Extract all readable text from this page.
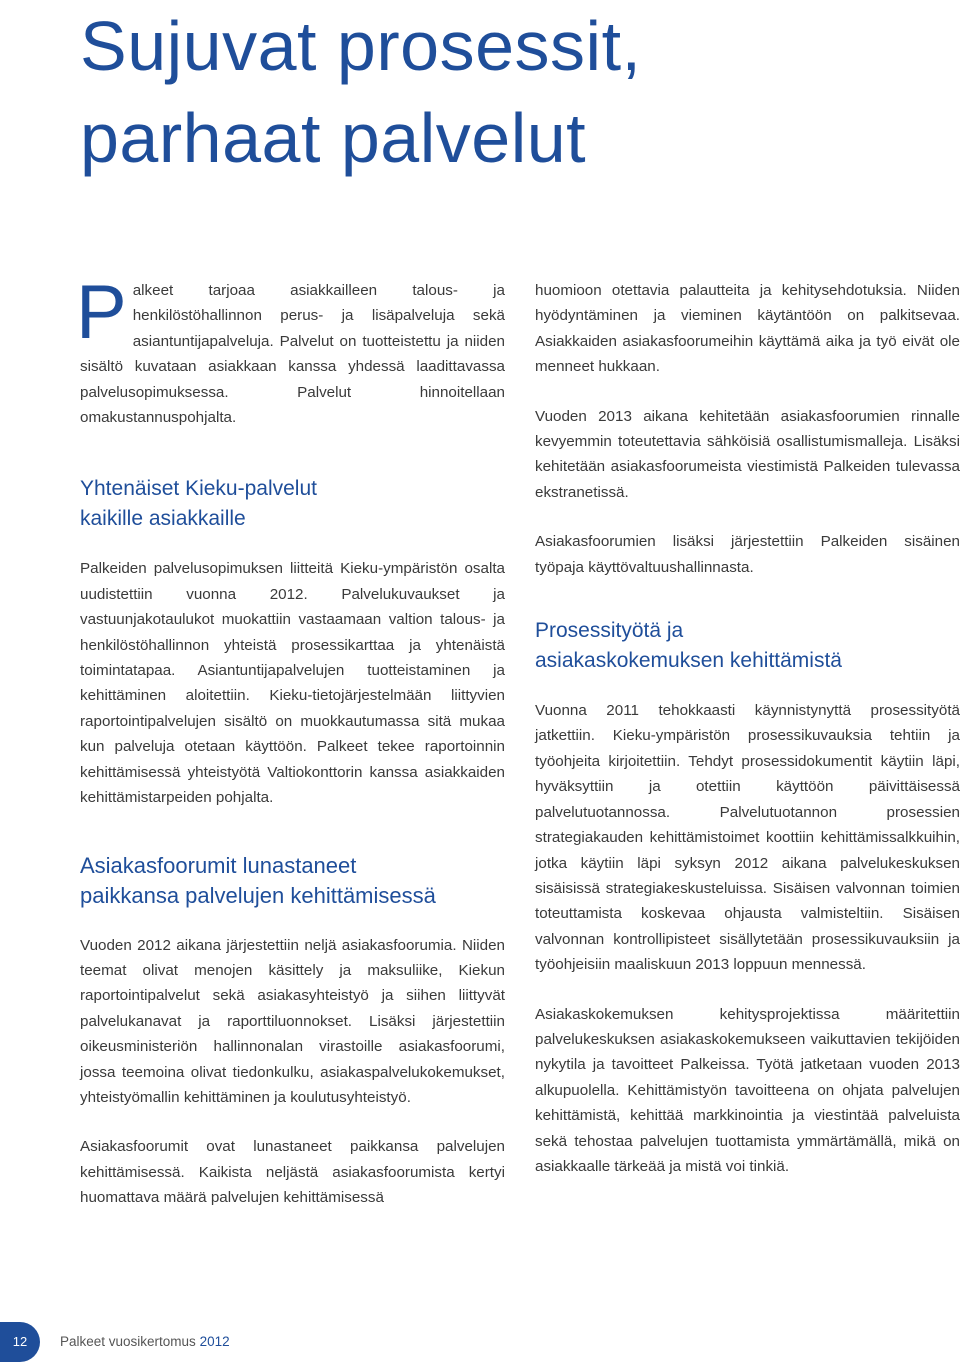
Sujuvat prosessit,
parhaat palvelut

Palkeet tarjoaa asiakkailleen talous- ja henkilöstöhallinnon perus- ja lisäpalveluja sekä asiantuntijapalveluja. Palvelut on tuotteistettu ja niiden sisältö kuvataan asiakkaan kanssa yhdessä laadittavassa palvelusopimuksessa. Palvelut hinnoitellaan omakustannuspohjalta.

Yhtenäiset Kieku-palvelut
kaikille asiakkaille

Palkeiden palvelusopimuksen liitteitä Kieku-ympäristön osalta uudistettiin vuonna 2012. Palvelukuvaukset ja vastuunjakotaulukot muokattiin vastaamaan valtion talous- ja henkilöstöhallinnon yhteistä prosessikarttaa ja yhtenäistä toimintatapaa. Asiantuntijapalvelujen tuotteistaminen ja kehittäminen aloitettiin. Kieku-tietojärjestelmään liittyvien raportointipalvelujen sisältö on muokkautumassa sitä mukaa kun palveluja otetaan käyttöön. Palkeet tekee raportoinnin kehittämisessä yhteistyötä Valtiokonttorin kanssa asiakkaiden kehittämistarpeiden pohjalta.

Asiakasfoorumit lunastaneet
paikkansa palvelujen kehittämisessä

Vuoden 2012 aikana järjestettiin neljä asiakasfoorumia. Niiden teemat olivat menojen käsittely ja maksuliike, Kiekun raportointipalvelut sekä asiakasyhteistyö ja siihen liittyvät palvelukanavat ja raporttiluonnokset. Lisäksi järjestettiin oikeusministeriön hallinnonalan virastoille asiakasfoorumi, jossa teemoina olivat tiedonkulku, asiakaspalvelukokemukset, yhteistyömallin kehittäminen ja koulutusyhteistyö.

Asiakasfoorumit ovat lunastaneet paikkansa palvelujen kehittämisessä. Kaikista neljästä asiakasfoorumista kertyi huomattava määrä palvelujen kehittämisessä

huomioon otettavia palautteita ja kehitysehdotuksia. Niiden hyödyntäminen ja vieminen käytäntöön on palkitsevaa. Asiakkaiden asiakasfoorumeihin käyttämä aika ja työ eivät ole menneet hukkaan.

Vuoden 2013 aikana kehitetään asiakasfoorumien rinnalle kevyemmin toteutettavia sähköisiä osallistumismalleja. Lisäksi kehitetään asiakasfoorumeista viestimistä Palkeiden tulevassa ekstranetissä.

Asiakasfoorumien lisäksi järjestettiin Palkeiden sisäinen työpaja käyttövaltuushallinnasta.

Prosessityötä ja
asiakaskokemuksen kehittämistä

Vuonna 2011 tehokkaasti käynnistynyttä prosessityötä jatkettiin. Kieku-ympäristön prosessikuvauksia tehtiin ja työohjeita kirjoitettiin. Tehdyt prosessidokumentit käytiin läpi, hyväksyttiin ja otettiin käyttöön päivittäisessä palvelutuotannossa. Palvelutuotannon prosessien strategiakauden kehittämistoimet koottiin kehittämissalkkuihin, jotka käytiin läpi syksyn 2012 aikana palvelukeskuksen sisäisissä strategiakeskusteluissa. Sisäisen valvonnan toimien toteuttamista koskevaa ohjausta valmisteltiin. Sisäisen valvonnan kontrollipisteet sisällytetään prosessikuvauksiin ja työohjeisiin maaliskuun 2013 loppuun mennessä.

Asiakaskokemuksen kehitysprojektissa määritettiin palvelukeskuksen asiakaskokemukseen vaikuttavien tekijöiden nykytila ja tavoitteet Palkeissa. Työtä jatketaan vuoden 2013 alkupuolella. Kehittämistyön tavoitteena on ohjata palvelujen kehittämistä, kehittää markkinointia ja viestintää palveluista sekä tehostaa palvelujen tuottamista ymmärtämällä, mikä on asiakkaalle tärkeää ja mistä voi tinkiä.

12	Palkeet vuosikertomus 2012
